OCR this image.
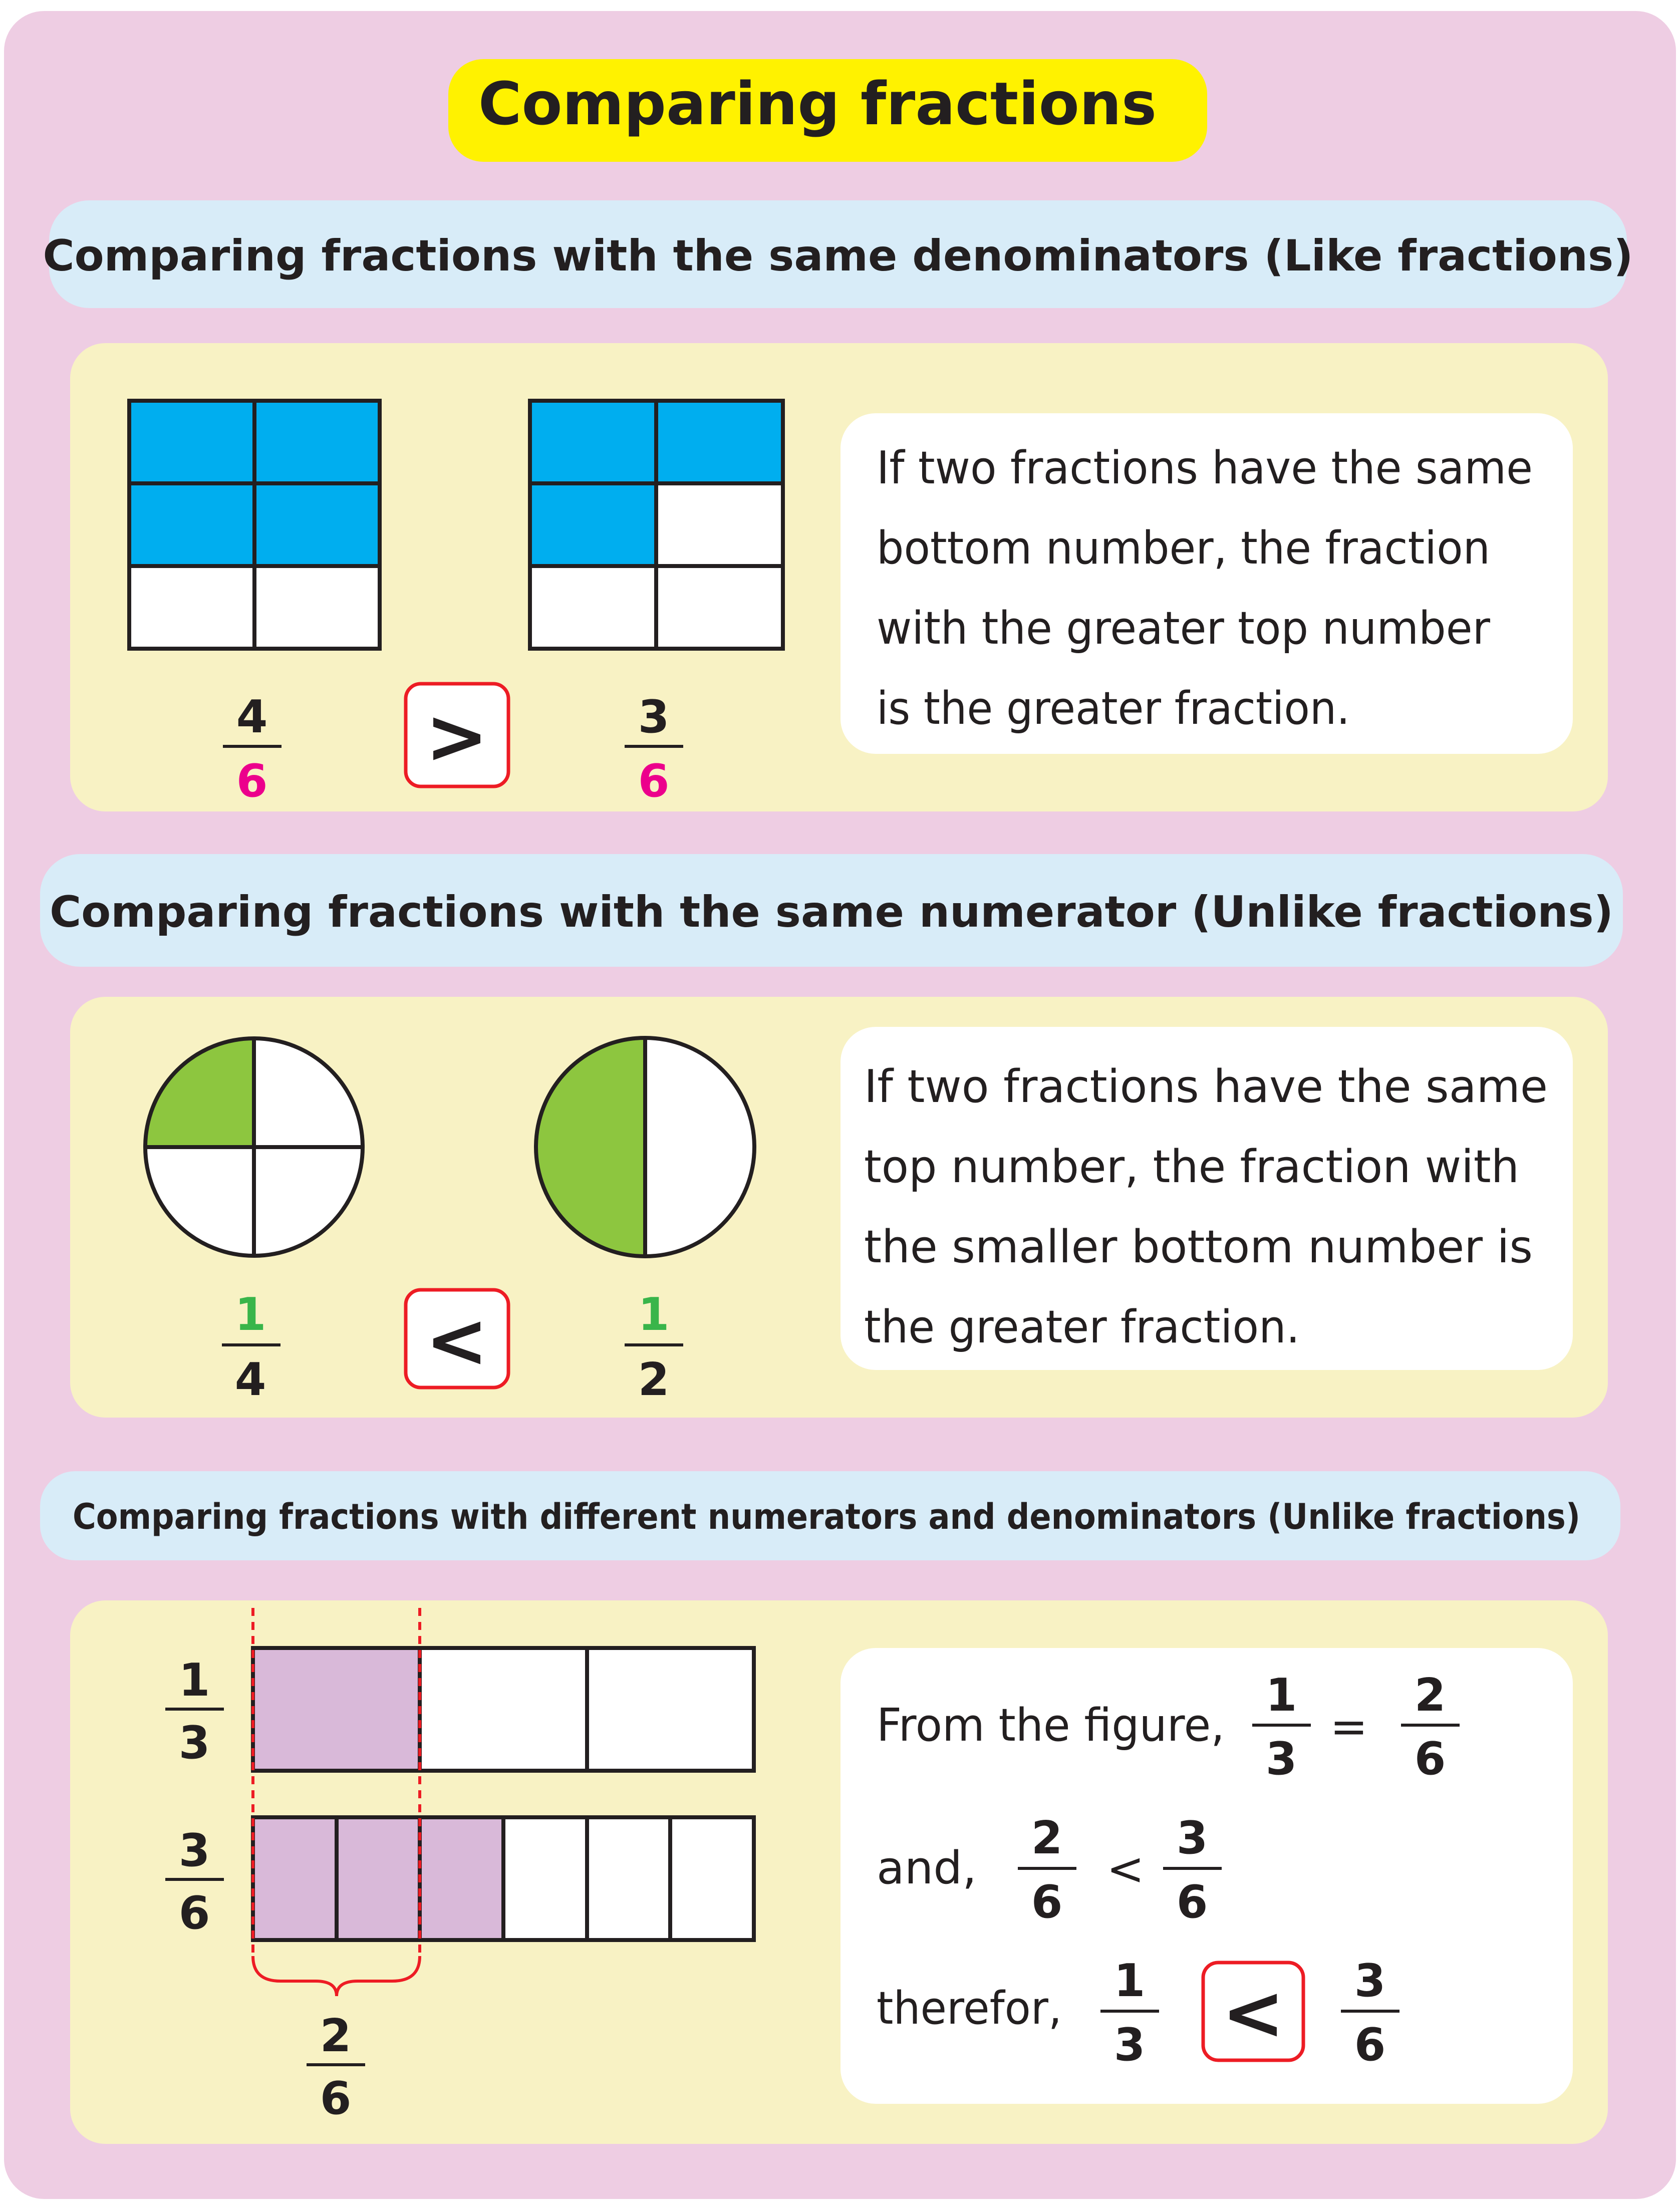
Comparing fractions
Comparing fractions with the same denominators (Like fractions)
4
6
>	3
6
If two fractions have the same
bottom number, the fraction
with the greater top number
is the greater fraction.
Comparing fractions with the same numerator (Unlike fractions)
1
4 <	1
2
If two fractions have the same
top number, the fraction with
the smaller bottom number is
the greater fraction.
Comparing fractions with different numerators and denominators (Unlike fractions)
1
3
3
6
2
6
From the figure,
1
3
=
2
6
and,
2
6
<
3
6
therefor,
1
3 < 3
6
